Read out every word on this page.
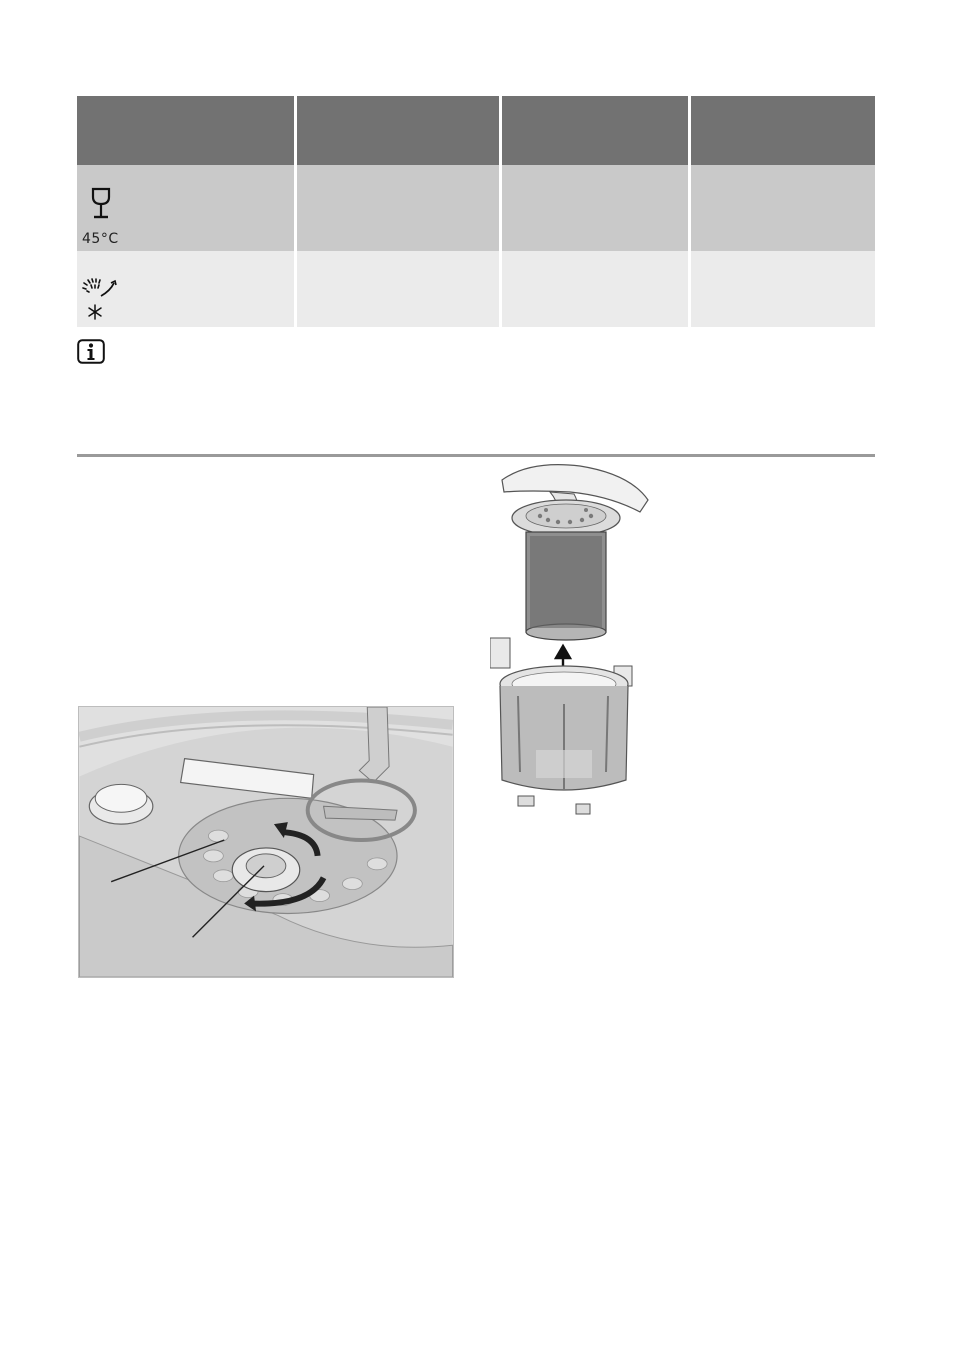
45°C
